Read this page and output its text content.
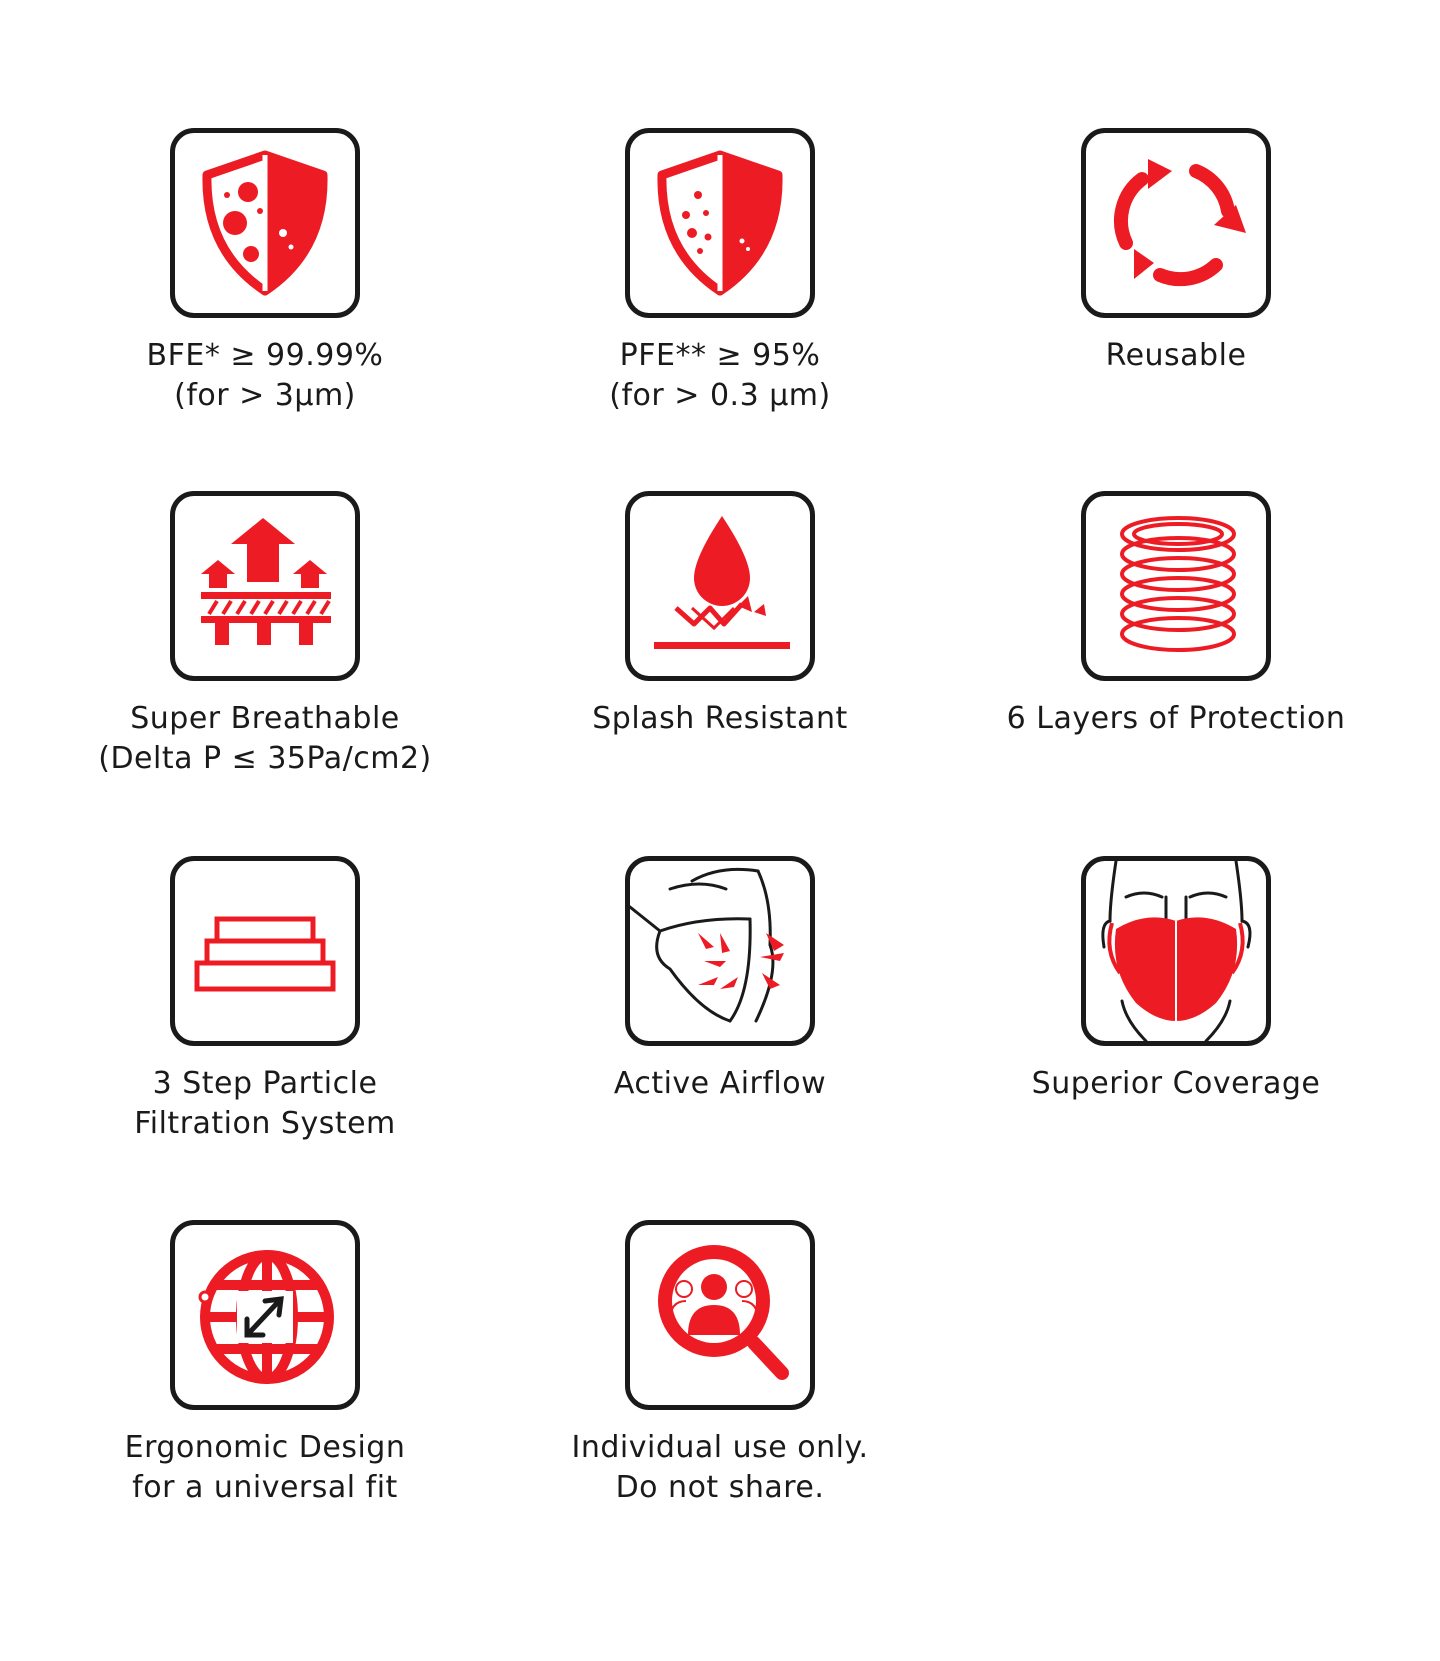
BFE* ≥ 99.99%
(for > 3μm)
PFE** ≥ 95%
(for > 0.3 μm)
Reusable
Super Breathable
(Delta P ≤ 35Pa/cm2)
Splash Resistant	6 Layers of Protection
3 Step Particle
Filtration System
Active Airflow	Superior Coverage
Ergonomic Design
for a universal fit
Individual use only.
Do not share.
